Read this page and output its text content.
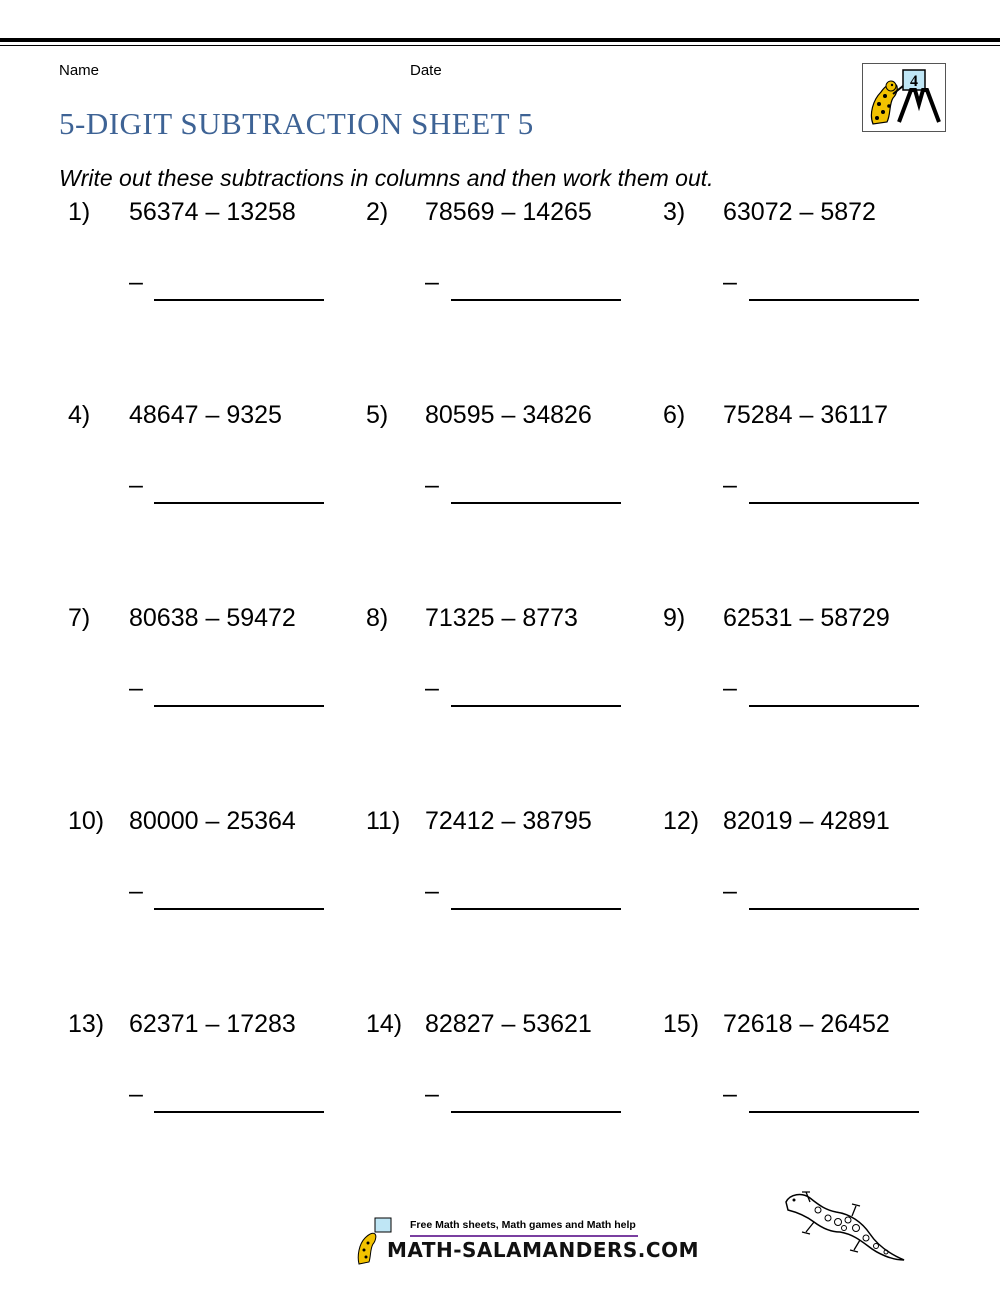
Name	Date
4
5-DIGIT SUBTRACTION SHEET 5
Write out these subtractions in columns and then work them out.
1) 56374 – 13258
–
2) 78569 – 14265
–
3) 63072 – 5872
–
4) 48647 – 9325
–
5) 80595 – 34826
–
6) 75284 – 36117
–
7) 80638 – 59472
–
8) 71325 – 8773
–
9) 62531 – 58729
–
10) 80000 – 25364
–
11) 72412 – 38795
–
12) 82019 – 42891
–
13) 62371 – 17283
–
14) 82827 – 53621
–
15) 72618 – 26452
–
Free Math sheets, Math games and Math help
MATH-SALAMANDERS.COM
